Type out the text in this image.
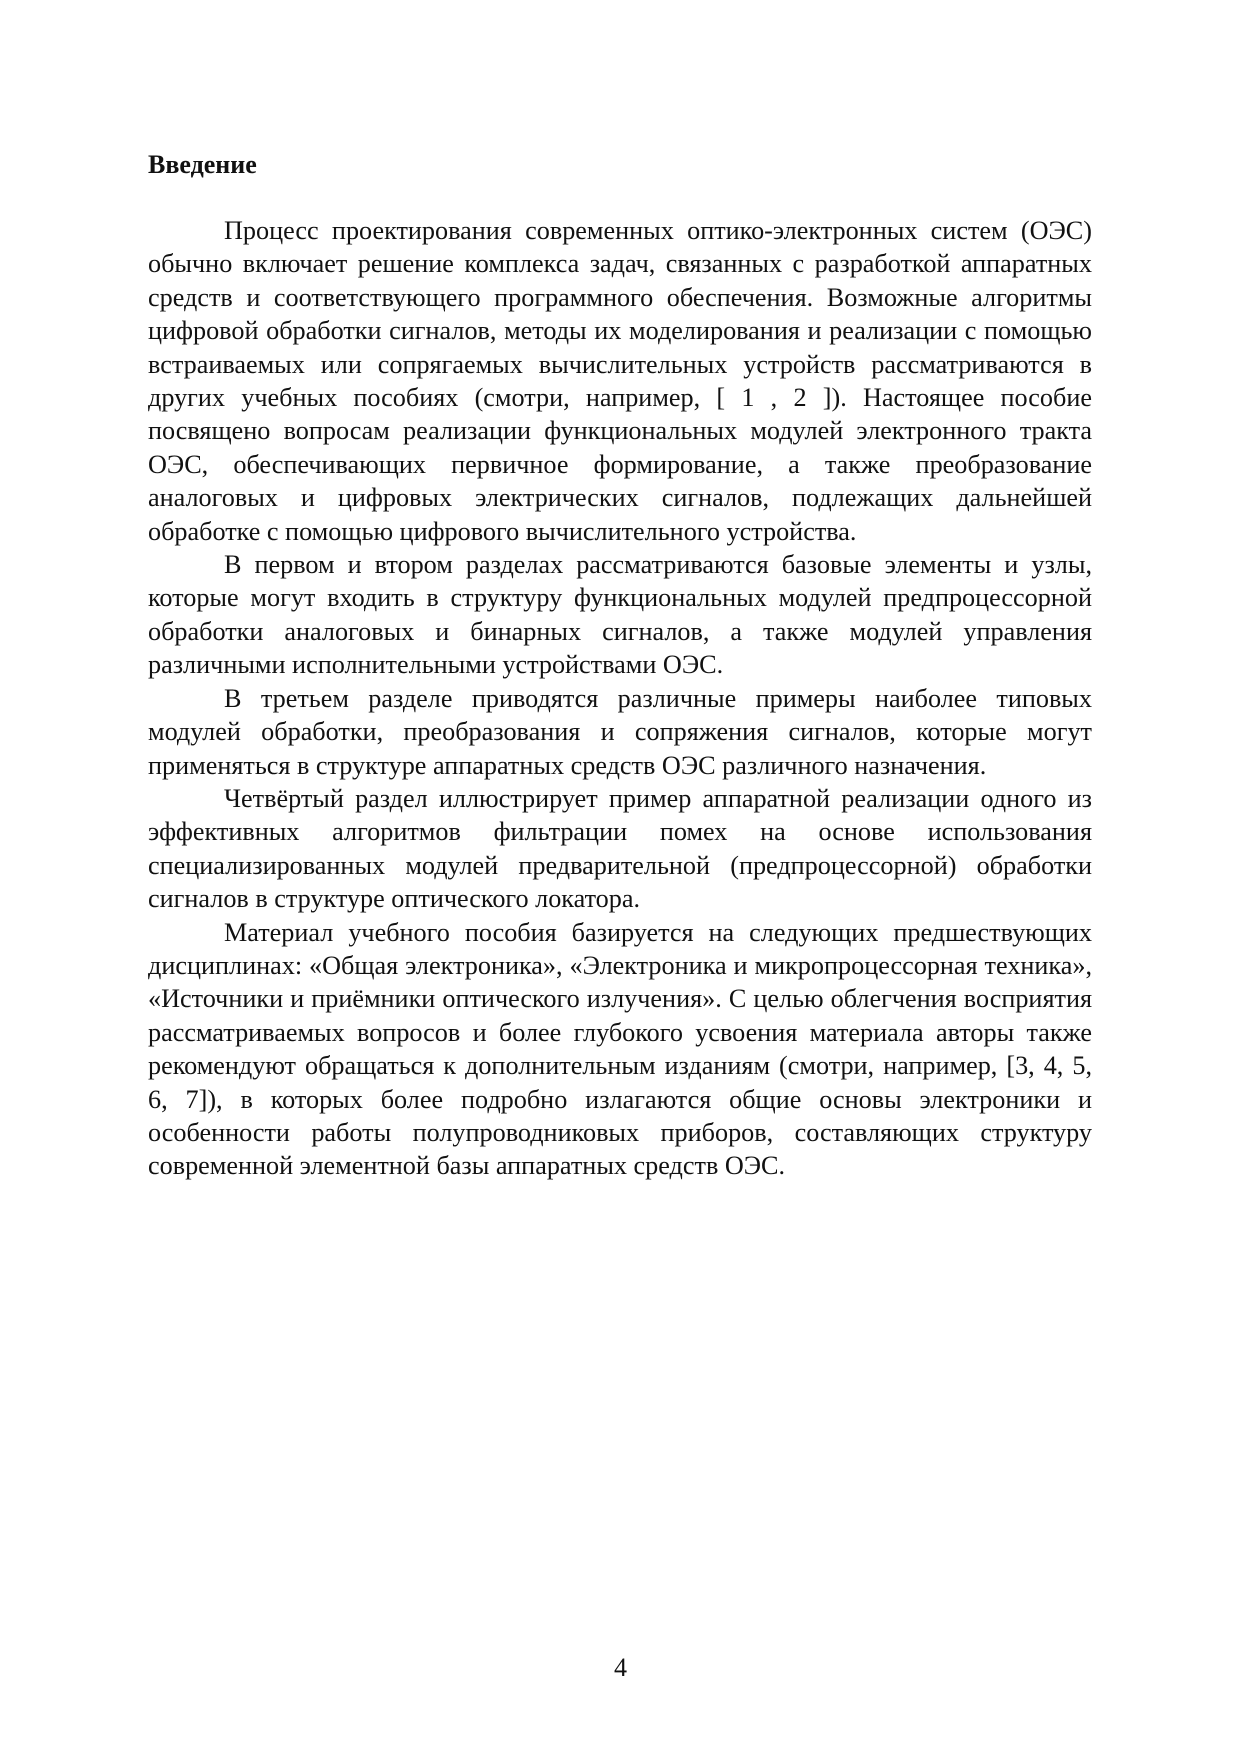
Введение

Процесс проектирования современных оптико-электронных систем (ОЭС) обычно включает решение комплекса задач, связанных с разработкой аппаратных средств и соответствующего программного обеспечения. Возможные алгоритмы цифровой обработки сигналов, методы их моделирования и реализации с помощью встраиваемых или сопрягаемых вычислительных устройств рассматриваются в других учебных пособиях (смотри, например, [ 1 , 2 ]). Настоящее пособие посвящено вопросам реализации функциональных модулей электронного тракта ОЭС, обеспечивающих первичное формирование, а также преобразование аналоговых и цифровых электрических сигналов, подлежащих дальнейшей обработке с помощью цифрового вычислительного устройства.

В первом и втором разделах рассматриваются базовые элементы и узлы, которые могут входить в структуру функциональных модулей предпроцессорной обработки аналоговых и бинарных сигналов, а также модулей управления различными исполнительными устройствами ОЭС.

В третьем разделе приводятся различные примеры наиболее типовых модулей обработки, преобразования и сопряжения сигналов, которые могут применяться в структуре аппаратных средств ОЭС различного назначения.

Четвёртый раздел иллюстрирует пример аппаратной реализации одного из эффективных алгоритмов фильтрации помех на основе использования специализированных модулей предварительной (предпроцессорной) обработки сигналов в структуре оптического локатора.

Материал учебного пособия базируется на следующих предшествующих дисциплинах: «Общая электроника», «Электроника и микропроцессорная техника», «Источники и приёмники оптического излучения». С целью облегчения восприятия рассматриваемых вопросов и более глубокого усвоения материала авторы также рекомендуют обращаться к дополнительным изданиям (смотри, например, [3, 4, 5, 6, 7]), в которых более подробно излагаются общие основы электроники и особенности работы полупроводниковых приборов, составляющих структуру современной элементной базы аппаратных средств ОЭС.

4
